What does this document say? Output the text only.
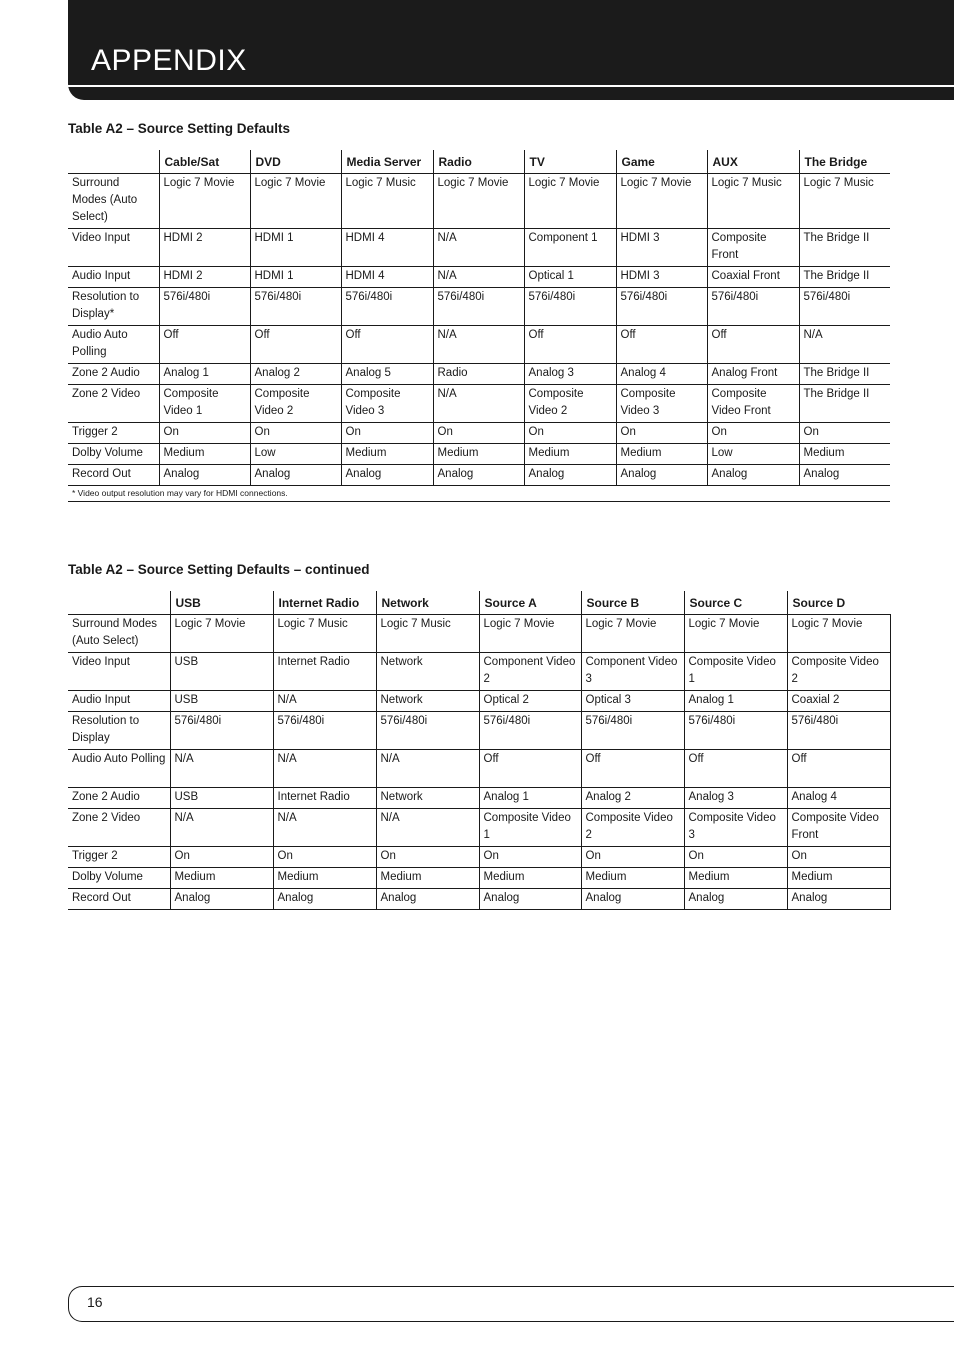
APPENDIX
Table A2 – Source Setting Defaults
	Cable/Sat	DVD	Media Server	Radio	TV	Game	AUX	The Bridge
Surround Modes (Auto Select)	Logic 7 Movie	Logic 7 Movie	Logic 7 Music	Logic 7 Movie	Logic 7 Movie	Logic 7 Movie	Logic 7 Music	Logic 7 Music
Video Input	HDMI 2	HDMI 1	HDMI 4	N/A	Component 1	HDMI 3	Composite Front	The Bridge II
Audio Input	HDMI 2	HDMI 1	HDMI 4	N/A	Optical 1	HDMI 3	Coaxial Front	The Bridge II
Resolution to Display*	576i/480i	576i/480i	576i/480i	576i/480i	576i/480i	576i/480i	576i/480i	576i/480i
Audio Auto Polling	Off	Off	Off	N/A	Off	Off	Off	N/A
Zone 2 Audio	Analog 1	Analog 2	Analog 5	Radio	Analog 3	Analog 4	Analog Front	The Bridge II
Zone 2 Video	Composite Video 1	Composite Video 2	Composite Video 3	N/A	Composite Video 2	Composite Video 3	Composite Video Front	The Bridge II
Trigger 2	On	On	On	On	On	On	On	On
Dolby Volume	Medium	Low	Medium	Medium	Medium	Medium	Low	Medium
Record Out	Analog	Analog	Analog	Analog	Analog	Analog	Analog	Analog
* Video output resolution may vary for HDMI connections.								
Table A2 – Source Setting Defaults – continued
	USB	Internet Radio	Network	Source A	Source B	Source C	Source D
Surround Modes (Auto Select)	Logic 7 Movie	Logic 7 Music	Logic 7 Music	Logic 7 Movie	Logic 7 Movie	Logic 7 Movie	Logic 7 Movie
Video Input	USB	Internet Radio	Network	Component Video 2	Component Video 3	Composite Video 1	Composite Video 2
Audio Input	USB	N/A	Network	Optical 2	Optical 3	Analog 1	Coaxial 2
Resolution to Display	576i/480i	576i/480i	576i/480i	576i/480i	576i/480i	576i/480i	576i/480i
Audio Auto Polling	N/A	N/A	N/A	Off	Off	Off	Off
Zone 2 Audio	USB	Internet Radio	Network	Analog 1	Analog 2	Analog 3	Analog 4
Zone 2 Video	N/A	N/A	N/A	Composite Video 1	Composite Video 2	Composite Video 3	Composite Video Front
Trigger 2	On	On	On	On	On	On	On
Dolby Volume	Medium	Medium	Medium	Medium	Medium	Medium	Medium
Record Out	Analog	Analog	Analog	Analog	Analog	Analog	Analog
16
